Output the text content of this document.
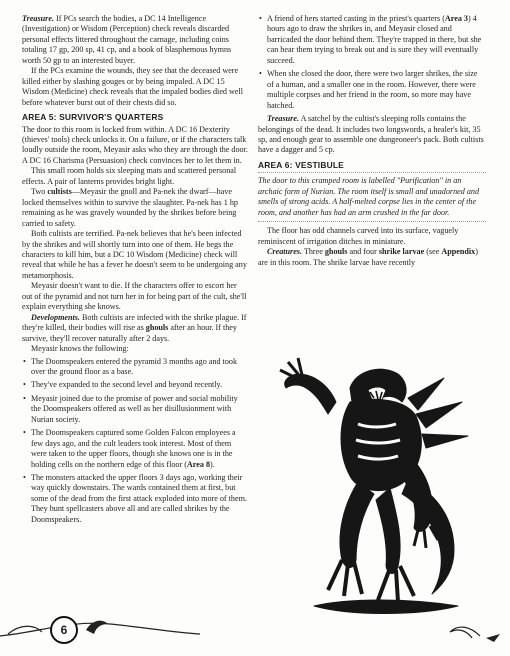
Treasure. If PCs search the bodies, a DC 14 Intelligence (Investigation) or Wisdom (Perception) check reveals discarded personal effects littered throughout the carnage, including coins totaling 17 gp, 200 sp, 41 cp, and a book of blasphemous hymns worth 50 gp to an interested buyer.

If the PCs examine the wounds, they see that the deceased were killed either by slashing gouges or by being impaled. A DC 15 Wisdom (Medicine) check reveals that the impaled bodies died well before whatever burst out of their chests did so.

AREA 5: SURVIVOR'S QUARTERS

The door to this room is locked from within. A DC 16 Dexterity (thieves' tools) check unlocks it. On a failure, or if the characters talk loudly outside the room, Meyasir asks who they are through the door. A DC 16 Charisma (Persuasion) check convinces her to let them in.

This small room holds six sleeping mats and scattered personal effects. A pair of lanterns provides bright light.

Two cultists—Meyasir the gnoll and Pa-nek the dwarf—have locked themselves within to survive the slaughter. Pa-nek has 1 hp remaining as he was gravely wounded by the shrikes before being carried to safety.

Both cultists are terrified. Pa-nek believes that he's been infected by the shrikes and will shortly turn into one of them. He begs the characters to kill him, but a DC 10 Wisdom (Medicine) check will reveal that while he has a fever he doesn't seem to be undergoing any metamorphosis.

Meyasir doesn't want to die. If the characters offer to escort her out of the pyramid and not turn her in for being part of the cult, she'll explain everything she knows.

Developments. Both cultists are infected with the shrike plague. If they're killed, their bodies will rise as ghouls after an hour. If they survive, they'll recover naturally after 2 days.

Meyasir knows the following:

• The Doomspeakers entered the pyramid 3 months ago and took over the ground floor as a base.
• They've expanded to the second level and beyond recently.
• Meyasir joined due to the promise of power and social mobility the Doomspeakers offered as well as her disillusionment with Nurian society.
• The Doomspeakers captured some Golden Falcon employees a few days ago, and the cult leaders took interest. Most of them were taken to the upper floors, though she knows one is in the holding cells on the northern edge of this floor (Area 8).
• The monsters attacked the upper floors 3 days ago, working their way quickly downstairs. The wards contained them at first, but some of the dead from the first attack exploded into more of them. They hunt spellcasters above all and are called shrikes by the Doomspeakers.
• A friend of hers started casting in the priest's quarters (Area 3) 4 hours ago to draw the shrikes in, and Meyasir closed and barricaded the door behind them. They're trapped in there, but she can hear them trying to break out and is sure they will eventually succeed.
• When she closed the door, there were two larger shrikes, the size of a human, and a smaller one in the room. However, there were multiple corpses and her friend in the room, so more may have hatched.

Treasure. A satchel by the cultist's sleeping rolls contains the belongings of the dead. It includes two longswords, a healer's kit, 35 sp, and enough gear to assemble one dungeoneer's pack. Both cultists have a dagger and 5 cp.

AREA 6: VESTIBULE

The door to this cramped room is labelled "Purification" in an archaic form of Nurian. The room itself is small and unadorned and smells of strong acids. A half-melted corpse lies in the center of the room, and another has had an arm crushed in the far door.

The floor has odd channels carved into its surface, vaguely reminiscent of irrigation ditches in miniature.

Creatures. Three ghouls and four shrike larvae (see Appendix) are in this room. The shrike larvae have recently

6
